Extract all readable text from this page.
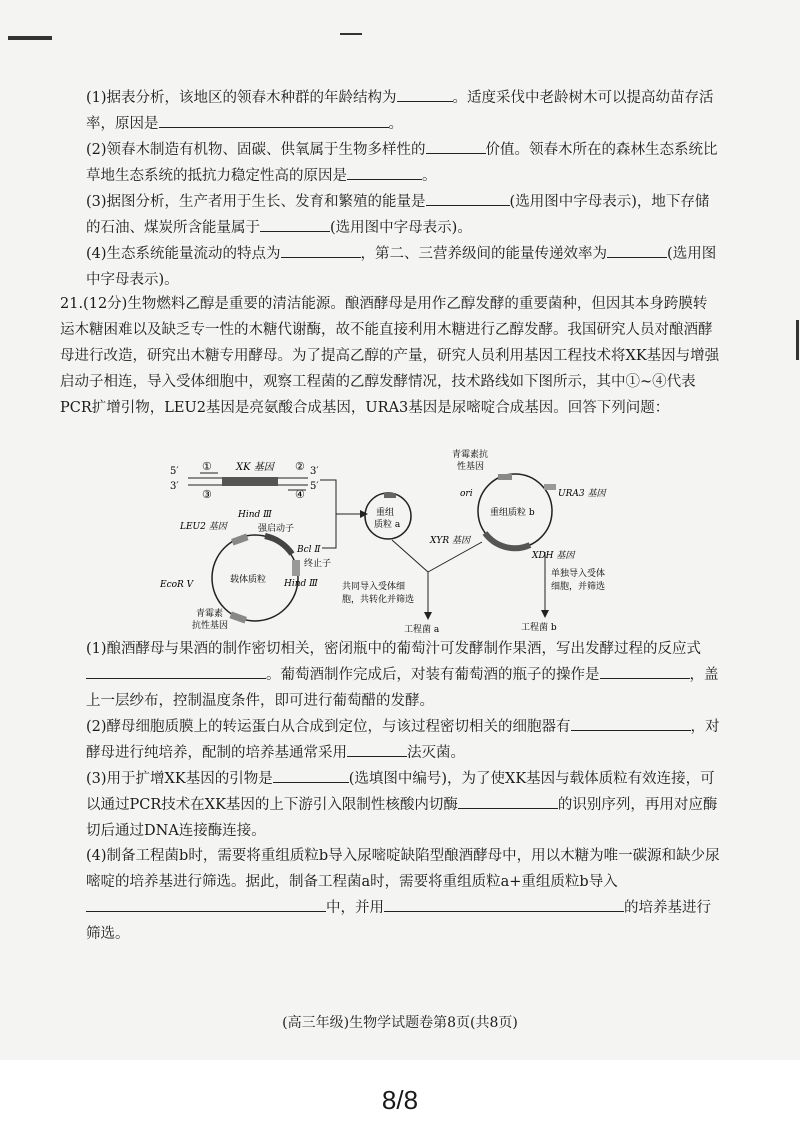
(1)据表分析，该地区的领春木种群的年龄结构为	。适度采伐中老龄树木可以提高幼苗存活率，原因是	。
(2)领春木制造有机物、固碳、供氧属于生物多样性的	价值。领春木所在的森林生态系统比草地生态系统的抵抗力稳定性高的原因是	。
(3)据图分析，生产者用于生长、发育和繁殖的能量是	(选用图中字母表示)，地下存储的石油、煤炭所含能量属于	(选用图中字母表示)。
(4)生态系统能量流动的特点为	，第二、三营养级间的能量传递效率为	(选用图中字母表示)。
21.(12分)生物燃料乙醇是重要的清洁能源。酿酒酵母是用作乙醇发酵的重要菌种，但因其本身跨膜转运木糖困难以及缺乏专一性的木糖代谢酶，故不能直接利用木糖进行乙醇发酵。我国研究人员对酿酒酵母进行改造，研究出木糖专用酵母。为了提高乙醇的产量，研究人员利用基因工程技术将XK基因与增强启动子相连，导入受体细胞中，观察工程菌的乙醇发酵情况，技术路线如下图所示，其中①~④代表PCR扩增引物，LEU2基因是亮氨酸合成基因，URA3基因是尿嘧啶合成基因。回答下列问题：
5′
3′
3′
5′
XK 基因
①	②
③	④
Hind Ⅲ
LEU2 基因	强启动子
Bcl Ⅱ
终止子
载体质粒 Hind Ⅲ
EcoR Ⅴ
青霉素
抗性基因
重组
质粒 a
青霉素抗
性基因
ori	URA3 基因
重组质粒 b
XYR 基因
XDH 基因
共同导入受体细
胞，共转化并筛选
单独导入受体
细胞，并筛选
工程菌 a	工程菌 b
(1)酿酒酵母与果酒的制作密切相关，密闭瓶中的葡萄汁可发酵制作果酒，写出发酵过程的反应式。葡萄酒制作完成后，对装有葡萄酒的瓶子的操作是	，盖上一层纱布，控制温度条件，即可进行葡萄醋的发酵。
(2)酵母细胞质膜上的转运蛋白从合成到定位，与该过程密切相关的细胞器有	，对酵母进行纯培养，配制的培养基通常采用	法灭菌。
(3)用于扩增XK基因的引物是	(选填图中编号)，为了使XK基因与载体质粒有效连接，可以通过PCR技术在XK基因的上下游引入限制性核酸内切酶	的识别序列，再用对应酶切后通过DNA连接酶连接。
(4)制备工程菌b时，需要将重组质粒b导入尿嘧啶缺陷型酿酒酵母中，用以木糖为唯一碳源和缺少尿嘧啶的培养基进行筛选。据此，制备工程菌a时，需要将重组质粒a+重组质粒b导入中，并用	的培养基进行筛选。
(高三年级)生物学试题卷第8页(共8页)
8/8
